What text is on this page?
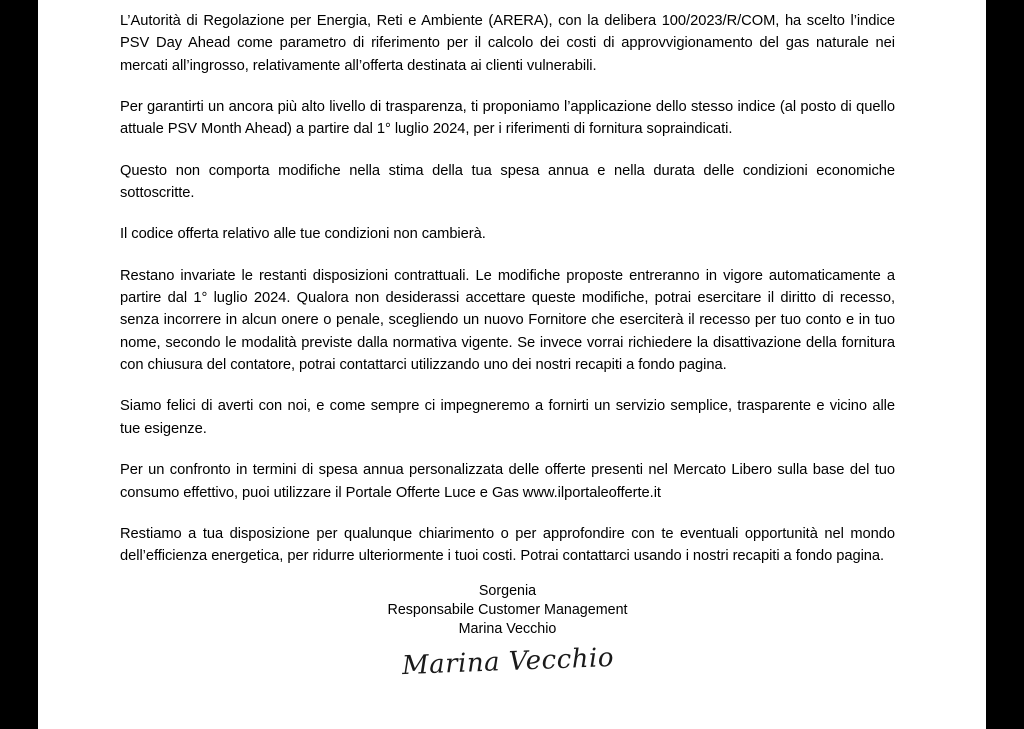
L’Autorità di Regolazione per Energia, Reti e Ambiente (ARERA), con la delibera 100/2023/R/COM, ha scelto l’indice PSV Day Ahead come parametro di riferimento per il calcolo dei costi di approvvigionamento del gas naturale nei mercati all’ingrosso, relativamente all’offerta destinata ai clienti vulnerabili.

Per garantirti un ancora più alto livello di trasparenza, ti proponiamo l’applicazione dello stesso indice (al posto di quello attuale PSV Month Ahead) a partire dal 1° luglio 2024, per i riferimenti di fornitura sopraindicati.

Questo non comporta modifiche nella stima della tua spesa annua e nella durata delle condizioni economiche sottoscritte.

Il codice offerta relativo alle tue condizioni non cambierà.

Restano invariate le restanti disposizioni contrattuali. Le modifiche proposte entreranno in vigore automaticamente a partire dal 1° luglio 2024. Qualora non desiderassi accettare queste modifiche, potrai esercitare il diritto di recesso, senza incorrere in alcun onere o penale, scegliendo un nuovo Fornitore che eserciterà il recesso per tuo conto e in tuo nome, secondo le modalità previste dalla normativa vigente. Se invece vorrai richiedere la disattivazione della fornitura con chiusura del contatore, potrai contattarci utilizzando uno dei nostri recapiti a fondo pagina.

Siamo felici di averti con noi, e come sempre ci impegneremo a fornirti un servizio semplice, trasparente e vicino alle tue esigenze.

Per un confronto in termini di spesa annua personalizzata delle offerte presenti nel Mercato Libero sulla base del tuo consumo effettivo, puoi utilizzare il Portale Offerte Luce e Gas www.ilportaleofferte.it

Restiamo a tua disposizione per qualunque chiarimento o per approfondire con te eventuali opportunità nel mondo dell’efficienza energetica, per ridurre ulteriormente i tuoi costi. Potrai contattarci usando i nostri recapiti a fondo pagina.

Sorgenia
Responsabile Customer Management
Marina Vecchio
Marina Vecchio
